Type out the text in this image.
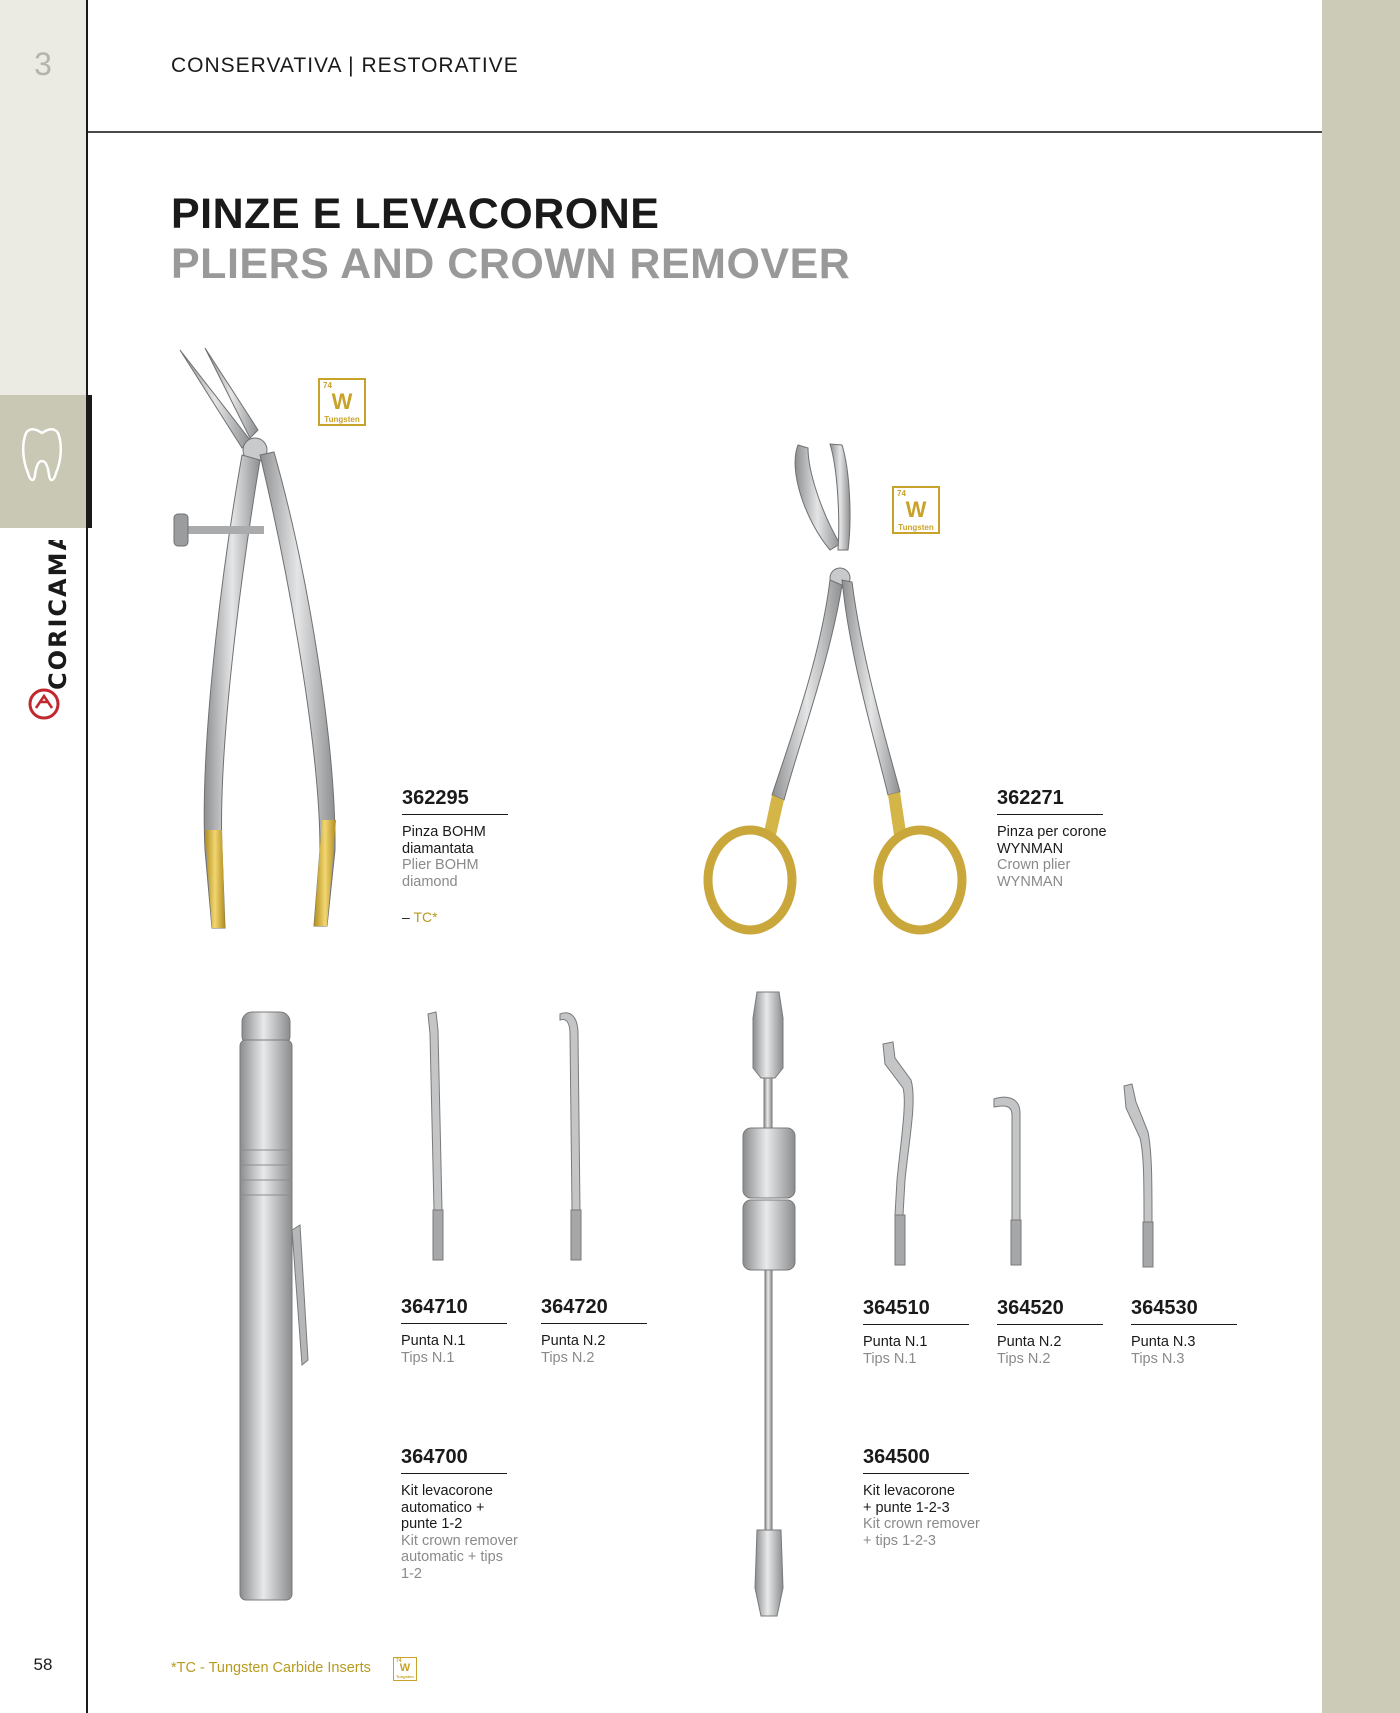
3
CORICAMA
58
CONSERVATIVA | RESTORATIVE
PINZE E LEVACORONE
PLIERS AND CROWN REMOVER
74
W
Tungsten
362295
Pinza BOHM
diamantata
Plier BOHM
diamond
– TC*
74
W
Tungsten
362271
Pinza per corone
WYNMAN
Crown plier
WYNMAN
364710
Punta N.1
Tips N.1
364720
Punta N.2
Tips N.2
364700
Kit levacorone
automatico +
punte 1-2
Kit crown remover
automatic + tips
1-2
364510
Punta N.1
Tips N.1
364520
Punta N.2
Tips N.2
364530
Punta N.3
Tips N.3
364500
Kit levacorone
+ punte 1-2-3
Kit crown remover
+ tips 1-2-3
*TC - Tungsten Carbide Inserts	74
W
Tungsten
